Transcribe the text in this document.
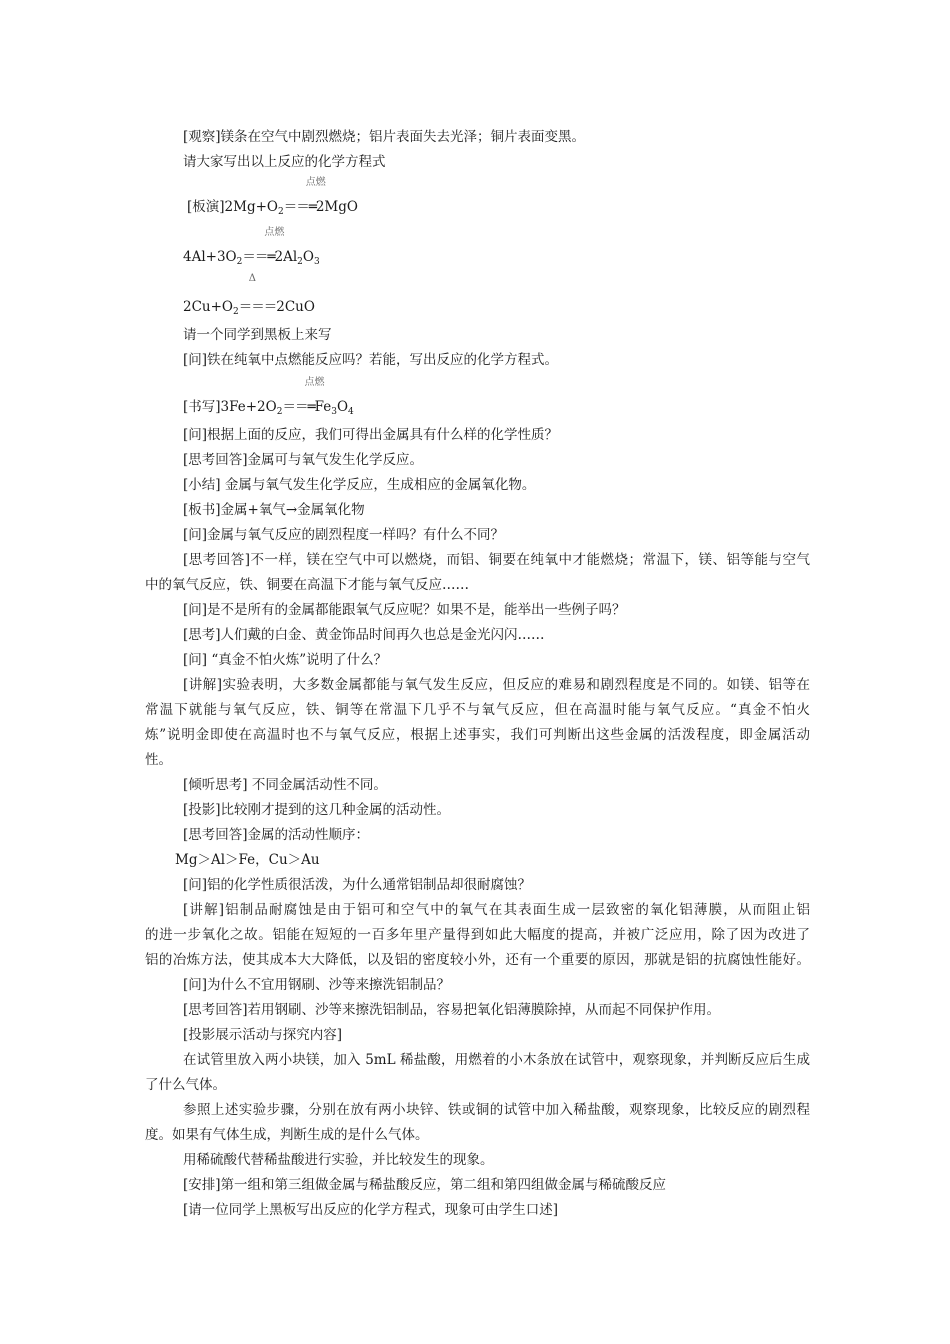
[观察]镁条在空气中剧烈燃烧；铝片表面失去光泽；铜片表面变黑。
请大家写出以上反应的化学方程式
[板演]$2Mg+O_2$
点燃
＝＝═2MgO
$4Al+3O_2$
点燃
$==═2Al_2O_3$
$2Cu+O_2$
Δ
＝＝＝2CuO
请一个同学到黑板上来写
[问]铁在纯氧中点燃能反应吗？若能，写出反应的化学方程式。
[书写]$3Fe+2O_2$
点燃
$==═Fe_3O_4$
[问]根据上面的反应，我们可得出金属具有什么样的化学性质？
[思考回答]金属可与氧气发生化学反应。
[小结] 金属与氧气发生化学反应，生成相应的金属氧化物。
[板书]金属+氧气→金属氧化物
[问]金属与氧气反应的剧烈程度一样吗？有什么不同？
[思考回答]不一样，镁在空气中可以燃烧，而铝、铜要在纯氧中才能燃烧；常温下，镁、铝等能与空气
中的氧气反应，铁、铜要在高温下才能与氧气反应……
[问]是不是所有的金属都能跟氧气反应呢？如果不是，能举出一些例子吗？
[思考]人们戴的白金、黄金饰品时间再久也总是金光闪闪……
[问] “真金不怕火炼”说明了什么？
[讲解]实验表明，大多数金属都能与氧气发生反应，但反应的难易和剧烈程度是不同的。如镁、铝等在
常温下就能与氧气反应，铁、铜等在常温下几乎不与氧气反应，但在高温时能与氧气反应。“真金不怕火
炼”说明金即使在高温时也不与氧气反应，根据上述事实，我们可判断出这些金属的活泼程度，即金属活动
性。
[倾听思考] 不同金属活动性不同。
[投影]比较刚才提到的这几种金属的活动性。
[思考回答]金属的活动性顺序：
Mg＞Al＞Fe，Cu＞Au
[问]铝的化学性质很活泼，为什么通常铝制品却很耐腐蚀？
[讲解]铝制品耐腐蚀是由于铝可和空气中的氧气在其表面生成一层致密的氧化铝薄膜，从而阻止铝
的进一步氧化之故。铝能在短短的一百多年里产量得到如此大幅度的提高，并被广泛应用，除了因为改进了
铝的冶炼方法，使其成本大大降低，以及铝的密度较小外，还有一个重要的原因，那就是铝的抗腐蚀性能好。
[问]为什么不宜用钢刷、沙等来擦洗铝制品？
[思考回答]若用钢刷、沙等来擦洗铝制品，容易把氧化铝薄膜除掉，从而起不同保护作用。
[投影展示活动与探究内容]
在试管里放入两小块镁，加入 5mL 稀盐酸，用燃着的小木条放在试管中，观察现象，并判断反应后生成
了什么气体。
参照上述实验步骤，分别在放有两小块锌、铁或铜的试管中加入稀盐酸，观察现象，比较反应的剧烈程
度。如果有气体生成，判断生成的是什么气体。
用稀硫酸代替稀盐酸进行实验，并比较发生的现象。
[安排]第一组和第三组做金属与稀盐酸反应，第二组和第四组做金属与稀硫酸反应
[请一位同学上黑板写出反应的化学方程式，现象可由学生口述]
